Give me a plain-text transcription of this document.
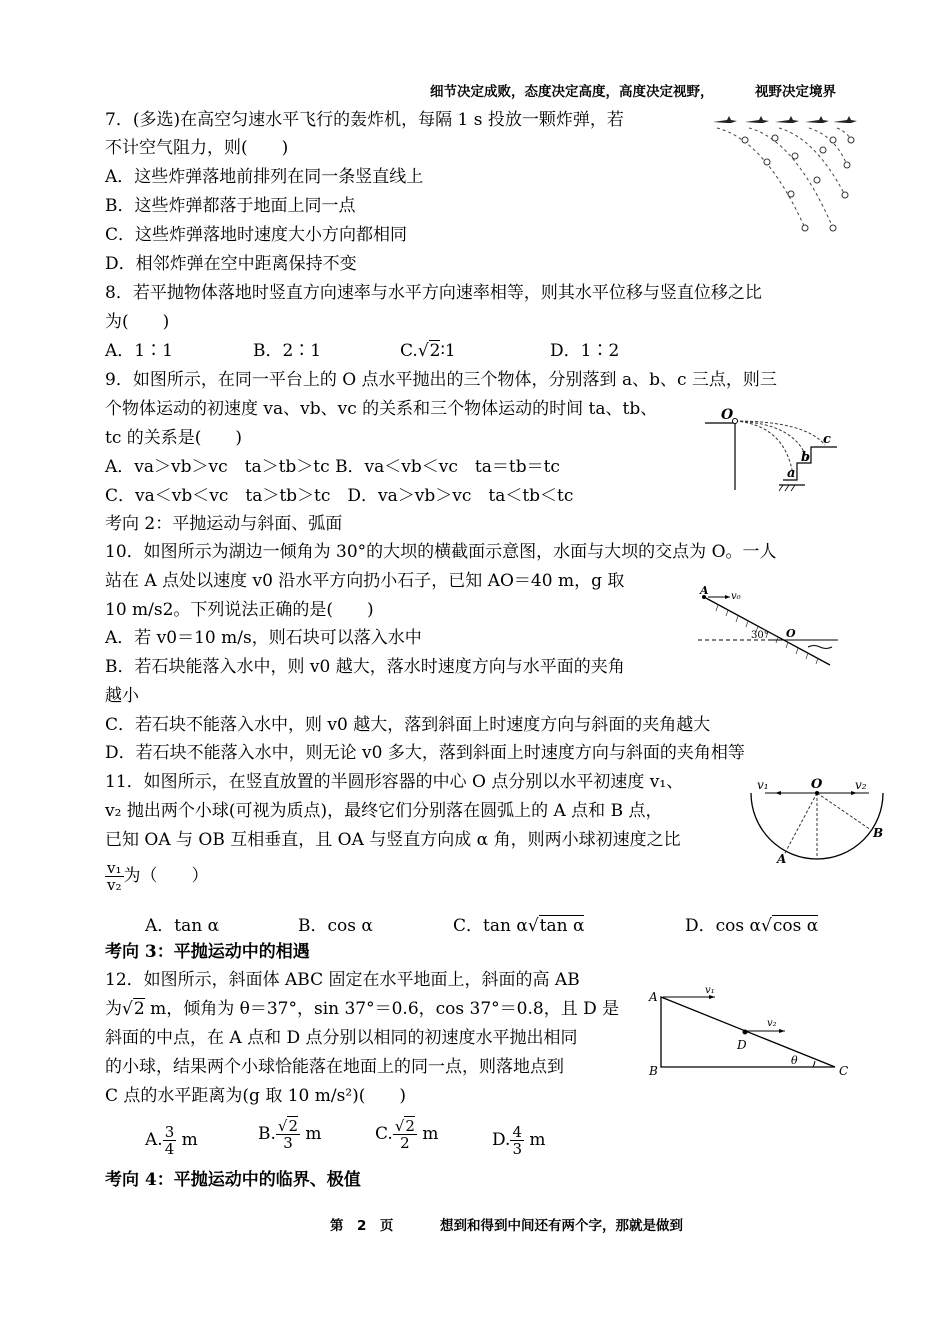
细节决定成败，态度决定高度，高度决定视野，	视野决定境界
7．(多选)在高空匀速水平飞行的轰炸机，每隔 1 s 投放一颗炸弹，若
不计空气阻力，则(　　)
A．这些炸弹落地前排列在同一条竖直线上
B．这些炸弹都落于地面上同一点
C．这些炸弹落地时速度大小方向都相同
D．相邻炸弹在空中距离保持不变
8．若平抛物体落地时竖直方向速率与水平方向速率相等，则其水平位移与竖直位移之比
为(　　)
A．1∶1	B．2∶1	C.√2∶1	D．1∶2
9．如图所示，在同一平台上的 O 点水平抛出的三个物体，分别落到 a、b、c 三点，则三
个物体运动的初速度 va、vb、vc 的关系和三个物体运动的时间 ta、tb、
tc 的关系是(　　)
A．va＞vb＞vc　ta＞tb＞tc B．va＜vb＜vc　ta＝tb＝tc
C．va＜vb＜vc　ta＞tb＞tc　D．va＞vb＞vc　ta＜tb＜tc
O
a
b
c
考向 2：平抛运动与斜面、弧面
10．如图所示为湖边一倾角为 30°的大坝的横截面示意图，水面与大坝的交点为 O。一人
站在 A 点处以速度 v0 沿水平方向扔小石子，已知 AO＝40 m，g 取
10 m/s2。下列说法正确的是(　　)
A．若 v0＝10 m/s，则石块可以落入水中
B．若石块能落入水中，则 v0 越大，落水时速度方向与水平面的夹角
越小
C．若石块不能落入水中，则 v0 越大，落到斜面上时速度方向与斜面的夹角越大
D．若石块不能落入水中，则无论 v0 多大，落到斜面上时速度方向与斜面的夹角相等
A v₀
30° O
11．如图所示，在竖直放置的半圆形容器的中心 O 点分别以水平初速度 v₁、
v₂ 抛出两个小球(可视为质点)，最终它们分别落在圆弧上的 A 点和 B 点，
已知 OA 与 OB 互相垂直，且 OA 与竖直方向成 α 角，则两小球初速度之比
$\frac{\text{v₁}}{\text{v₂}}$ 为（　　）
A．tan α	B．cos α	C．tan α√tan α	D．cos α√cos α
v₁	O	v₂
A
B
考向 3：平抛运动中的相遇
12．如图所示，斜面体 ABC 固定在水平地面上，斜面的高 AB
为√2 m，倾角为 θ＝37°，sin 37°＝0.6，cos 37°＝0.8，且 D 是
斜面的中点，在 A 点和 D 点分别以相同的初速度水平抛出相同
的小球，结果两个小球恰能落在地面上的同一点，则落地点到
C 点的水平距离为(g 取 10 m/s²)(　　)
A. $\frac{3}{4}$ m	B. $\frac{√2}{3}$ m	C. $\frac{√2}{2}$ m	D. $\frac{4}{3}$ m
A	v₁
v₂
D
θ
B	C
考向 4：平抛运动中的临界、极值
第　2　页	想到和得到中间还有两个字，那就是做到
